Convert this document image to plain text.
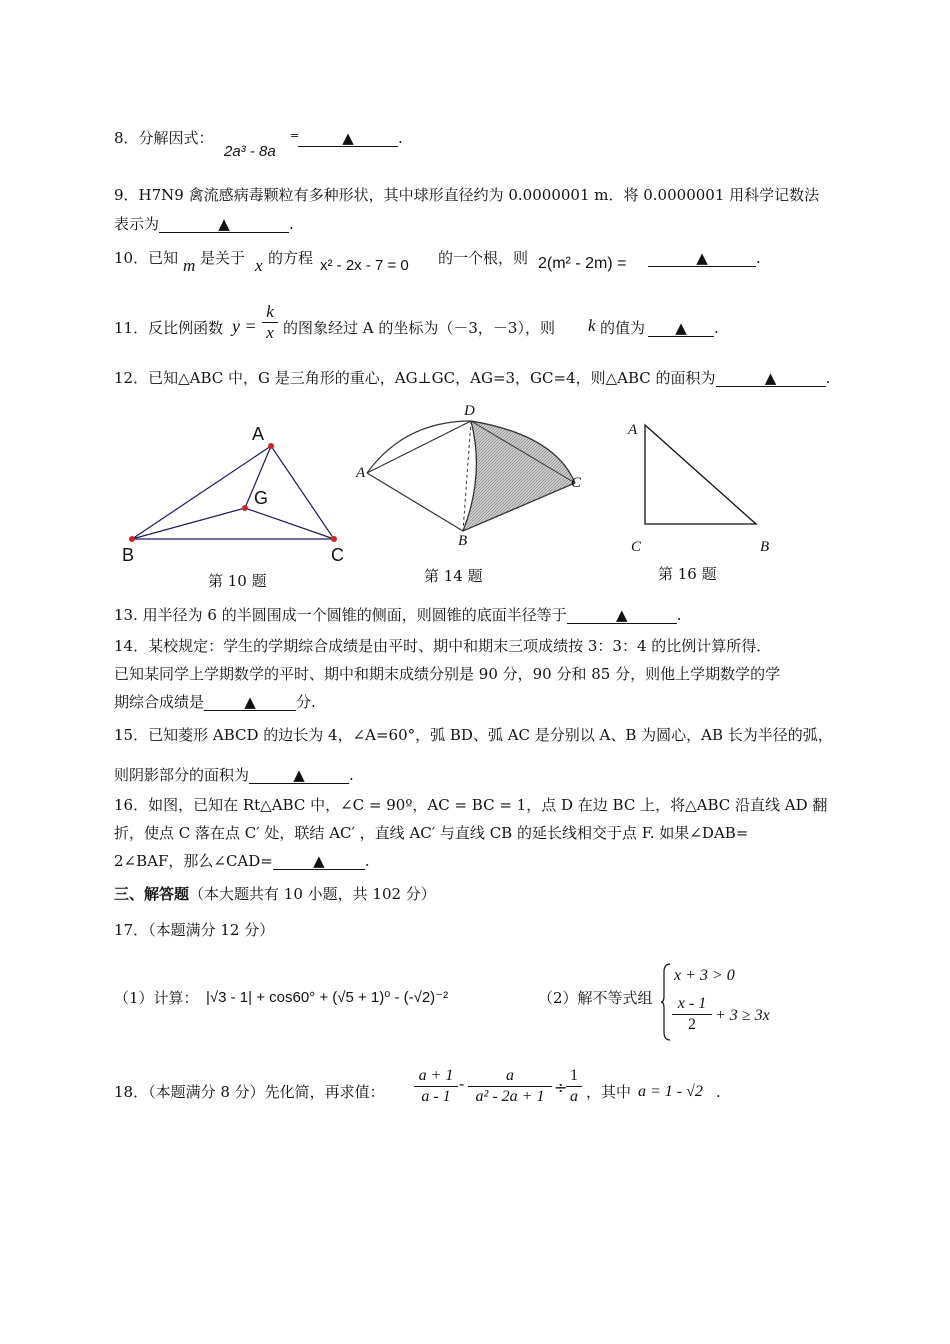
8．分解因式：
2a³ - 8a
=	▲	.
9．H7N9 禽流感病毒颗粒有多种形状，其中球形直径约为 0.0000001 m．将 0.0000001 用科学记数法
表示为	▲	.
10．已知 m 是关于 x 的方程 x² - 2x - 7 = 0 的一个根，则 2(m² - 2m) =	▲	.
11．反比例函数 y =
k
x 的图象经过 A 的坐标为（－3，－3），则 k 的值为	▲ .
12．已知△ABC 中，G 是三角形的重心，AG⊥GC，AG=3，GC=4，则△ABC 的面积为	▲	.
A
G
B	C
第 10 题
D
A
C
B
第 14 题
A
C	B
第 16 题
13. 用半径为 6 的半圆围成一个圆锥的侧面，则圆锥的底面半径等于	▲	.
14．某校规定：学生的学期综合成绩是由平时、期中和期末三项成绩按 3：3：4 的比例计算所得．
已知某同学上学期数学的平时、期中和期末成绩分别是 90 分，90 分和 85 分，则他上学期数学的学
期综合成绩是	▲	分.
15．已知菱形 ABCD 的边长为 4，∠A=60°，弧 BD、弧 AC 是分别以 A、B 为圆心，AB 长为半径的弧，
则阴影部分的面积为	▲	.
16．如图，已知在 Rt△ABC 中，∠C = 90º，AC = BC = 1，点 D 在边 BC 上，将△ABC 沿直线 AD 翻
折，使点 C 落在点 C′ 处，联结 AC′ ，直线 AC′ 与直线 CB 的延长线相交于点 F. 如果∠DAB=
2∠BAF，那么∠CAD=	▲	.
三、解答题（本大题共有 10 小题，共 102 分）
17．（本题满分 12 分）
（1）计算： |√3 - 1| + cos60° + (√5 + 1)⁰ - (-√2)⁻²	（2）解不等式组
x + 3 > 0
x - 1
2
+ 3 ≥ 3x
18．（本题满分 8 分）先化简，再求值：
a + 1
a - 1
-
a
a² - 2a + 1 ÷
1
a ，其中 a = 1 - √2 .
